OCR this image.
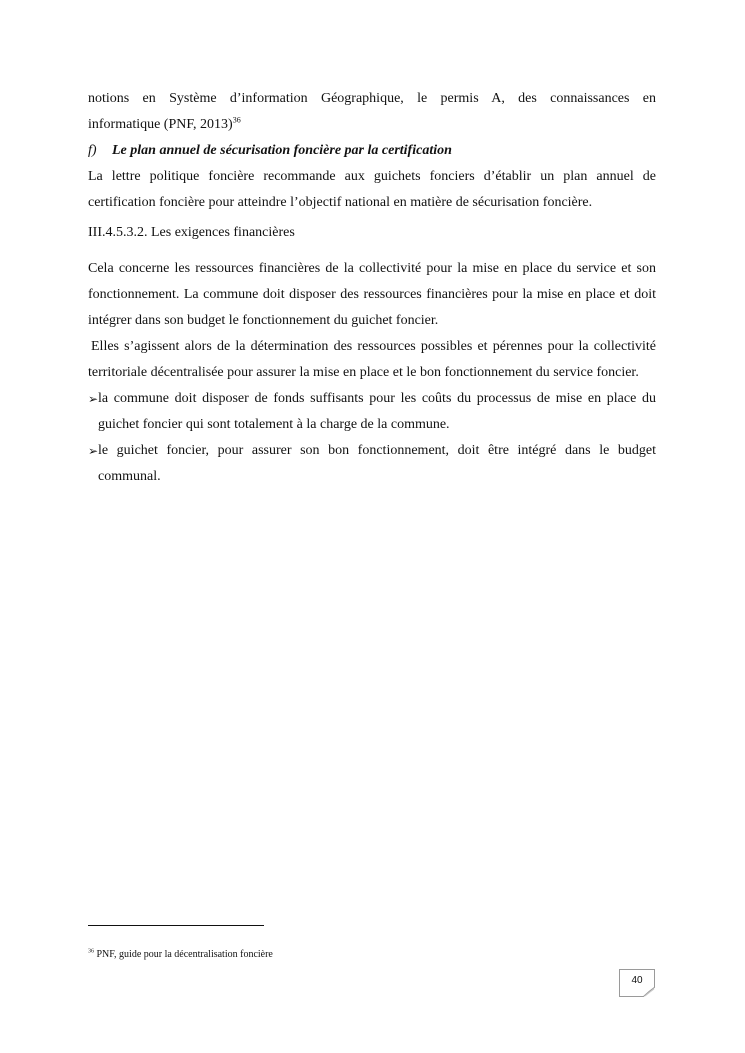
notions en Système d’information Géographique, le permis A, des connaissances en

informatique (PNF, 2013)$^{36}$

f) Le plan annuel de sécurisation foncière par la certification

La lettre politique foncière recommande aux guichets fonciers d’établir un plan annuel de certification foncière pour atteindre l’objectif national en matière de sécurisation foncière.

III.4.5.3.2. Les exigences financières

Cela concerne les ressources financières de la collectivité pour la mise en place du service et son fonctionnement. La commune doit disposer des ressources financières pour la mise en place et doit intégrer dans son budget le fonctionnement du guichet foncier.

Elles s’agissent alors de la détermination des ressources possibles et pérennes pour la collectivité territoriale décentralisée pour assurer la mise en place et le bon fonctionnement du service foncier.

➢ la commune doit disposer de fonds suffisants pour les coûts du processus de mise en place du guichet foncier qui sont totalement à la charge de la commune.
➢ le guichet foncier, pour assurer son bon fonctionnement, doit être intégré dans le budget communal.
$^{36}$ PNF, guide pour la décentralisation foncière
40
